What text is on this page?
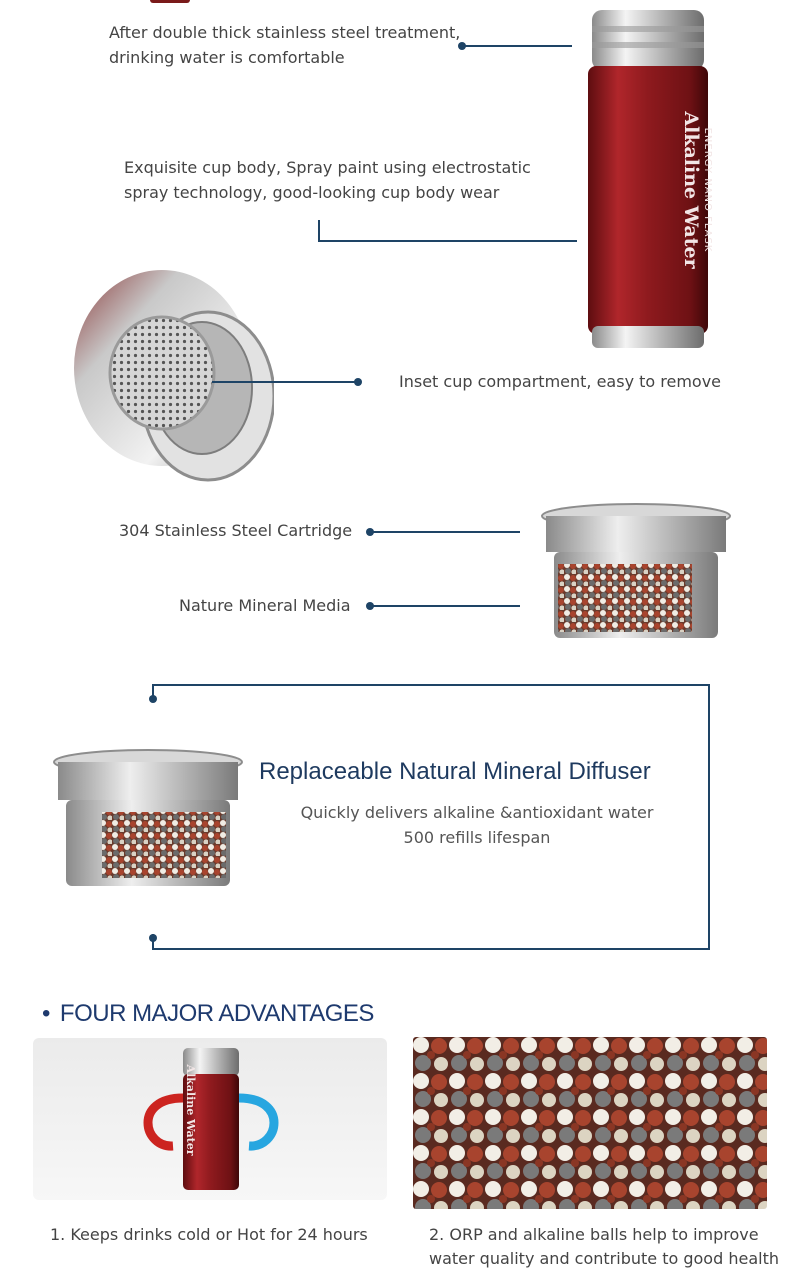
After double thick stainless steel treatment,
drinking water is comfortable
ENERGY NANO FLASK
Alkaline Water
Exquisite cup body, Spray paint using electrostatic
spray technology, good-looking cup body wear
Inset cup compartment, easy to remove
304 Stainless Steel Cartridge
Nature Mineral Media
Replaceable Natural Mineral Diffuser
Quickly delivers alkaline &antioxidant water
500 refills lifespan
• FOUR MAJOR ADVANTAGES
Alkaline Water
1. Keeps drinks cold or Hot for 24 hours	2. ORP and alkaline balls help to improve
water quality and contribute to good health
